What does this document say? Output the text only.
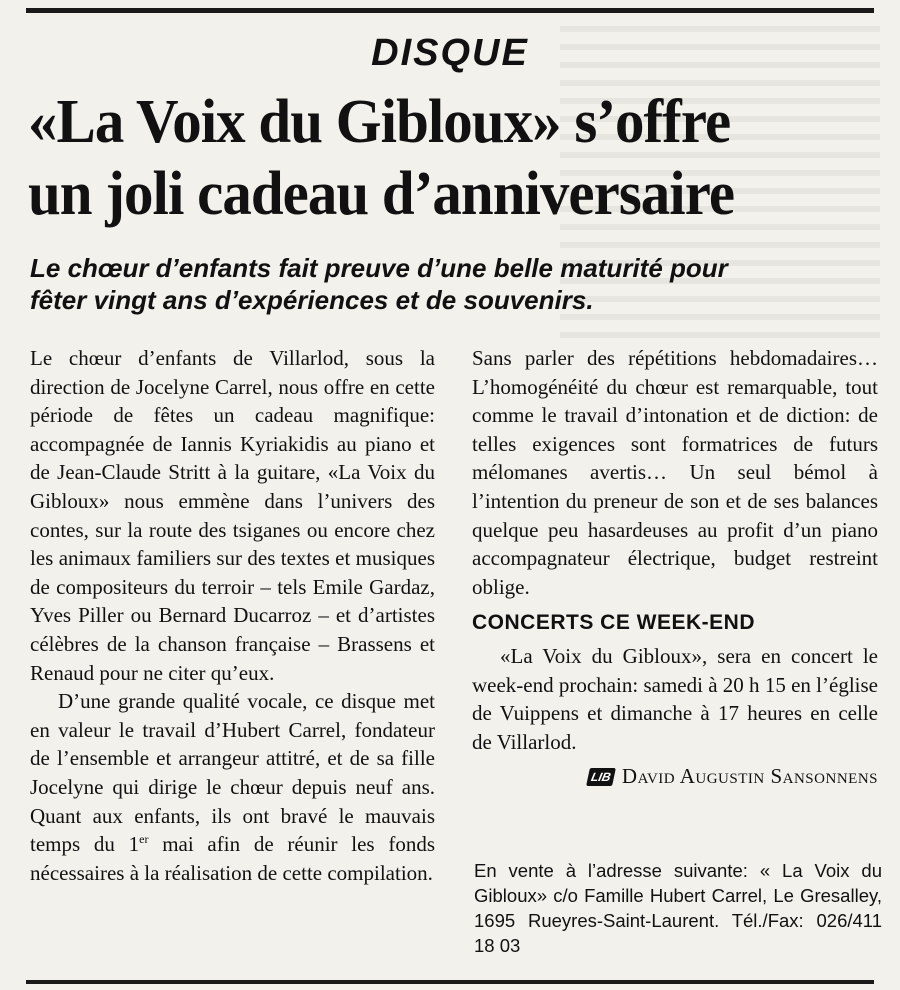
DISQUE
«La Voix du Gibloux» s’offre
un joli cadeau d’anniversaire
Le chœur d’enfants fait preuve d’une belle maturité pour
fêter vingt ans d’expériences et de souvenirs.

Le chœur d’enfants de Villarlod, sous la direction de Jocelyne Carrel, nous offre en cette période de fêtes un cadeau magnifique: accompagnée de Iannis Kyriakidis au piano et de Jean-Claude Stritt à la guitare, «La Voix du Gibloux» nous emmène dans l’univers des contes, sur la route des tsiganes ou encore chez les animaux familiers sur des textes et musiques de compositeurs du terroir – tels Emile Gardaz, Yves Piller ou Bernard Ducarroz – et d’artistes célèbres de la chanson française – Brassens et Renaud pour ne citer qu’eux.

D’une grande qualité vocale, ce disque met en valeur le travail d’Hubert Carrel, fondateur de l’ensemble et arrangeur attitré, et de sa fille Jocelyne qui dirige le chœur depuis neuf ans. Quant aux enfants, ils ont bravé le mauvais temps du 1er mai afin de réunir les fonds nécessaires à la réalisation de cette compilation.

Sans parler des répétitions hebdomadaires… L’homogénéité du chœur est remarquable, tout comme le travail d’intonation et de diction: de telles exigences sont formatrices de futurs mélomanes avertis… Un seul bémol à l’intention du preneur de son et de ses balances quelque peu hasardeuses au profit d’un piano accompagnateur électrique, budget restreint oblige.

CONCERTS CE WEEK-END

«La Voix du Gibloux», sera en concert le week-end prochain: samedi à 20 h 15 en l’église de Vuippens et dimanche à 17 heures en celle de Villarlod.

LIB David Augustin Sansonnens
En vente à l’adresse suivante: « La Voix du Gibloux» c/o Famille Hubert Carrel, Le Gresalley, 1695 Rueyres-Saint-Laurent. Tél./Fax: 026/411 18 03
